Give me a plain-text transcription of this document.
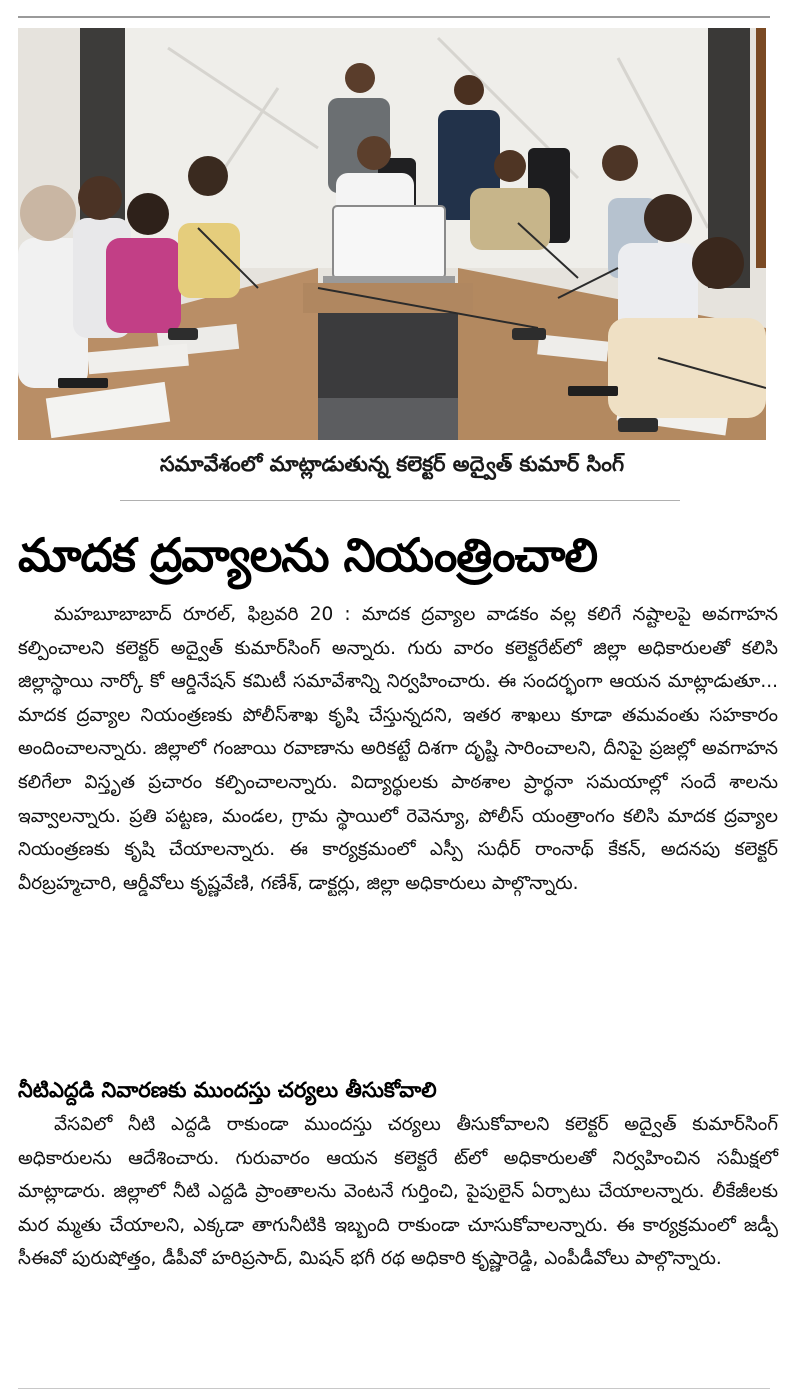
సమావేశంలో మాట్లాడుతున్న కలెక్టర్ అద్వైత్ కుమార్ సింగ్
మాదక ద్రవ్యాలను నియంత్రించాలి

మహబూబాబాద్ రూరల్, ఫిబ్రవరి 20 : మాదక ద్రవ్యాల వాడకం వల్ల కలిగే నష్టాలపై అవగాహన కల్పించాలని కలెక్టర్ అద్వైత్ కుమార్‌సింగ్ అన్నారు. గురు వారం కలెక్టరేట్‌లో జిల్లా అధికారులతో కలిసి జిల్లాస్థాయి నార్కో కో ఆర్డినేషన్ కమిటీ సమావేశాన్ని నిర్వహించారు. ఈ సందర్భంగా ఆయన మాట్లాడుతూ... మాదక ద్రవ్యాల నియంత్రణకు పోలీస్‌శాఖ కృషి చేస్తున్నదని, ఇతర శాఖలు కూడా తమవంతు సహకారం అందించాలన్నారు. జిల్లాలో గంజాయి రవాణాను అరికట్టే దిశగా దృష్టి సారించాలని, దీనిపై ప్రజల్లో అవగాహన కలిగేలా విస్తృత ప్రచారం కల్పించాలన్నారు. విద్యార్థులకు పాఠశాల ప్రార్థనా సమయాల్లో సందే శాలను ఇవ్వాలన్నారు. ప్రతి పట్టణ, మండల, గ్రామ స్థాయిలో రెవెన్యూ, పోలీస్ యంత్రాంగం కలిసి మాదక ద్రవ్యాల నియంత్రణకు కృషి చేయాలన్నారు. ఈ కార్యక్రమంలో ఎస్పీ సుధీర్ రాంనాథ్ కేకన్, అదనపు కలెక్టర్ వీరబ్రహ్మచారి, ఆర్డీవోలు కృష్ణవేణి, గణేశ్, డాక్టర్లు, జిల్లా అధికారులు పాల్గొన్నారు.

నీటిఎద్దడి నివారణకు ముందస్తు చర్యలు తీసుకోవాలి

వేసవిలో నీటి ఎద్దడి రాకుండా ముందస్తు చర్యలు తీసుకోవాలని కలెక్టర్ అద్వైత్ కుమార్‌సింగ్ అధికారులను ఆదేశించారు. గురువారం ఆయన కలెక్టరే ట్‌లో అధికారులతో నిర్వహించిన సమీక్షలో మాట్లాడారు. జిల్లాలో నీటి ఎద్దడి ప్రాంతాలను వెంటనే గుర్తించి, పైపులైన్ ఏర్పాటు చేయాలన్నారు. లీకేజీలకు మర మ్మతు చేయాలని, ఎక్కడా తాగునీటికి ఇబ్బంది రాకుండా చూసుకోవాలన్నారు. ఈ కార్యక్రమంలో జడ్పీ సీఈవో పురుషోత్తం, డీపీవో హరిప్రసాద్, మిషన్ భగీ రథ అధికారి కృష్ణారెడ్డి, ఎంపీడీవోలు పాల్గొన్నారు.
